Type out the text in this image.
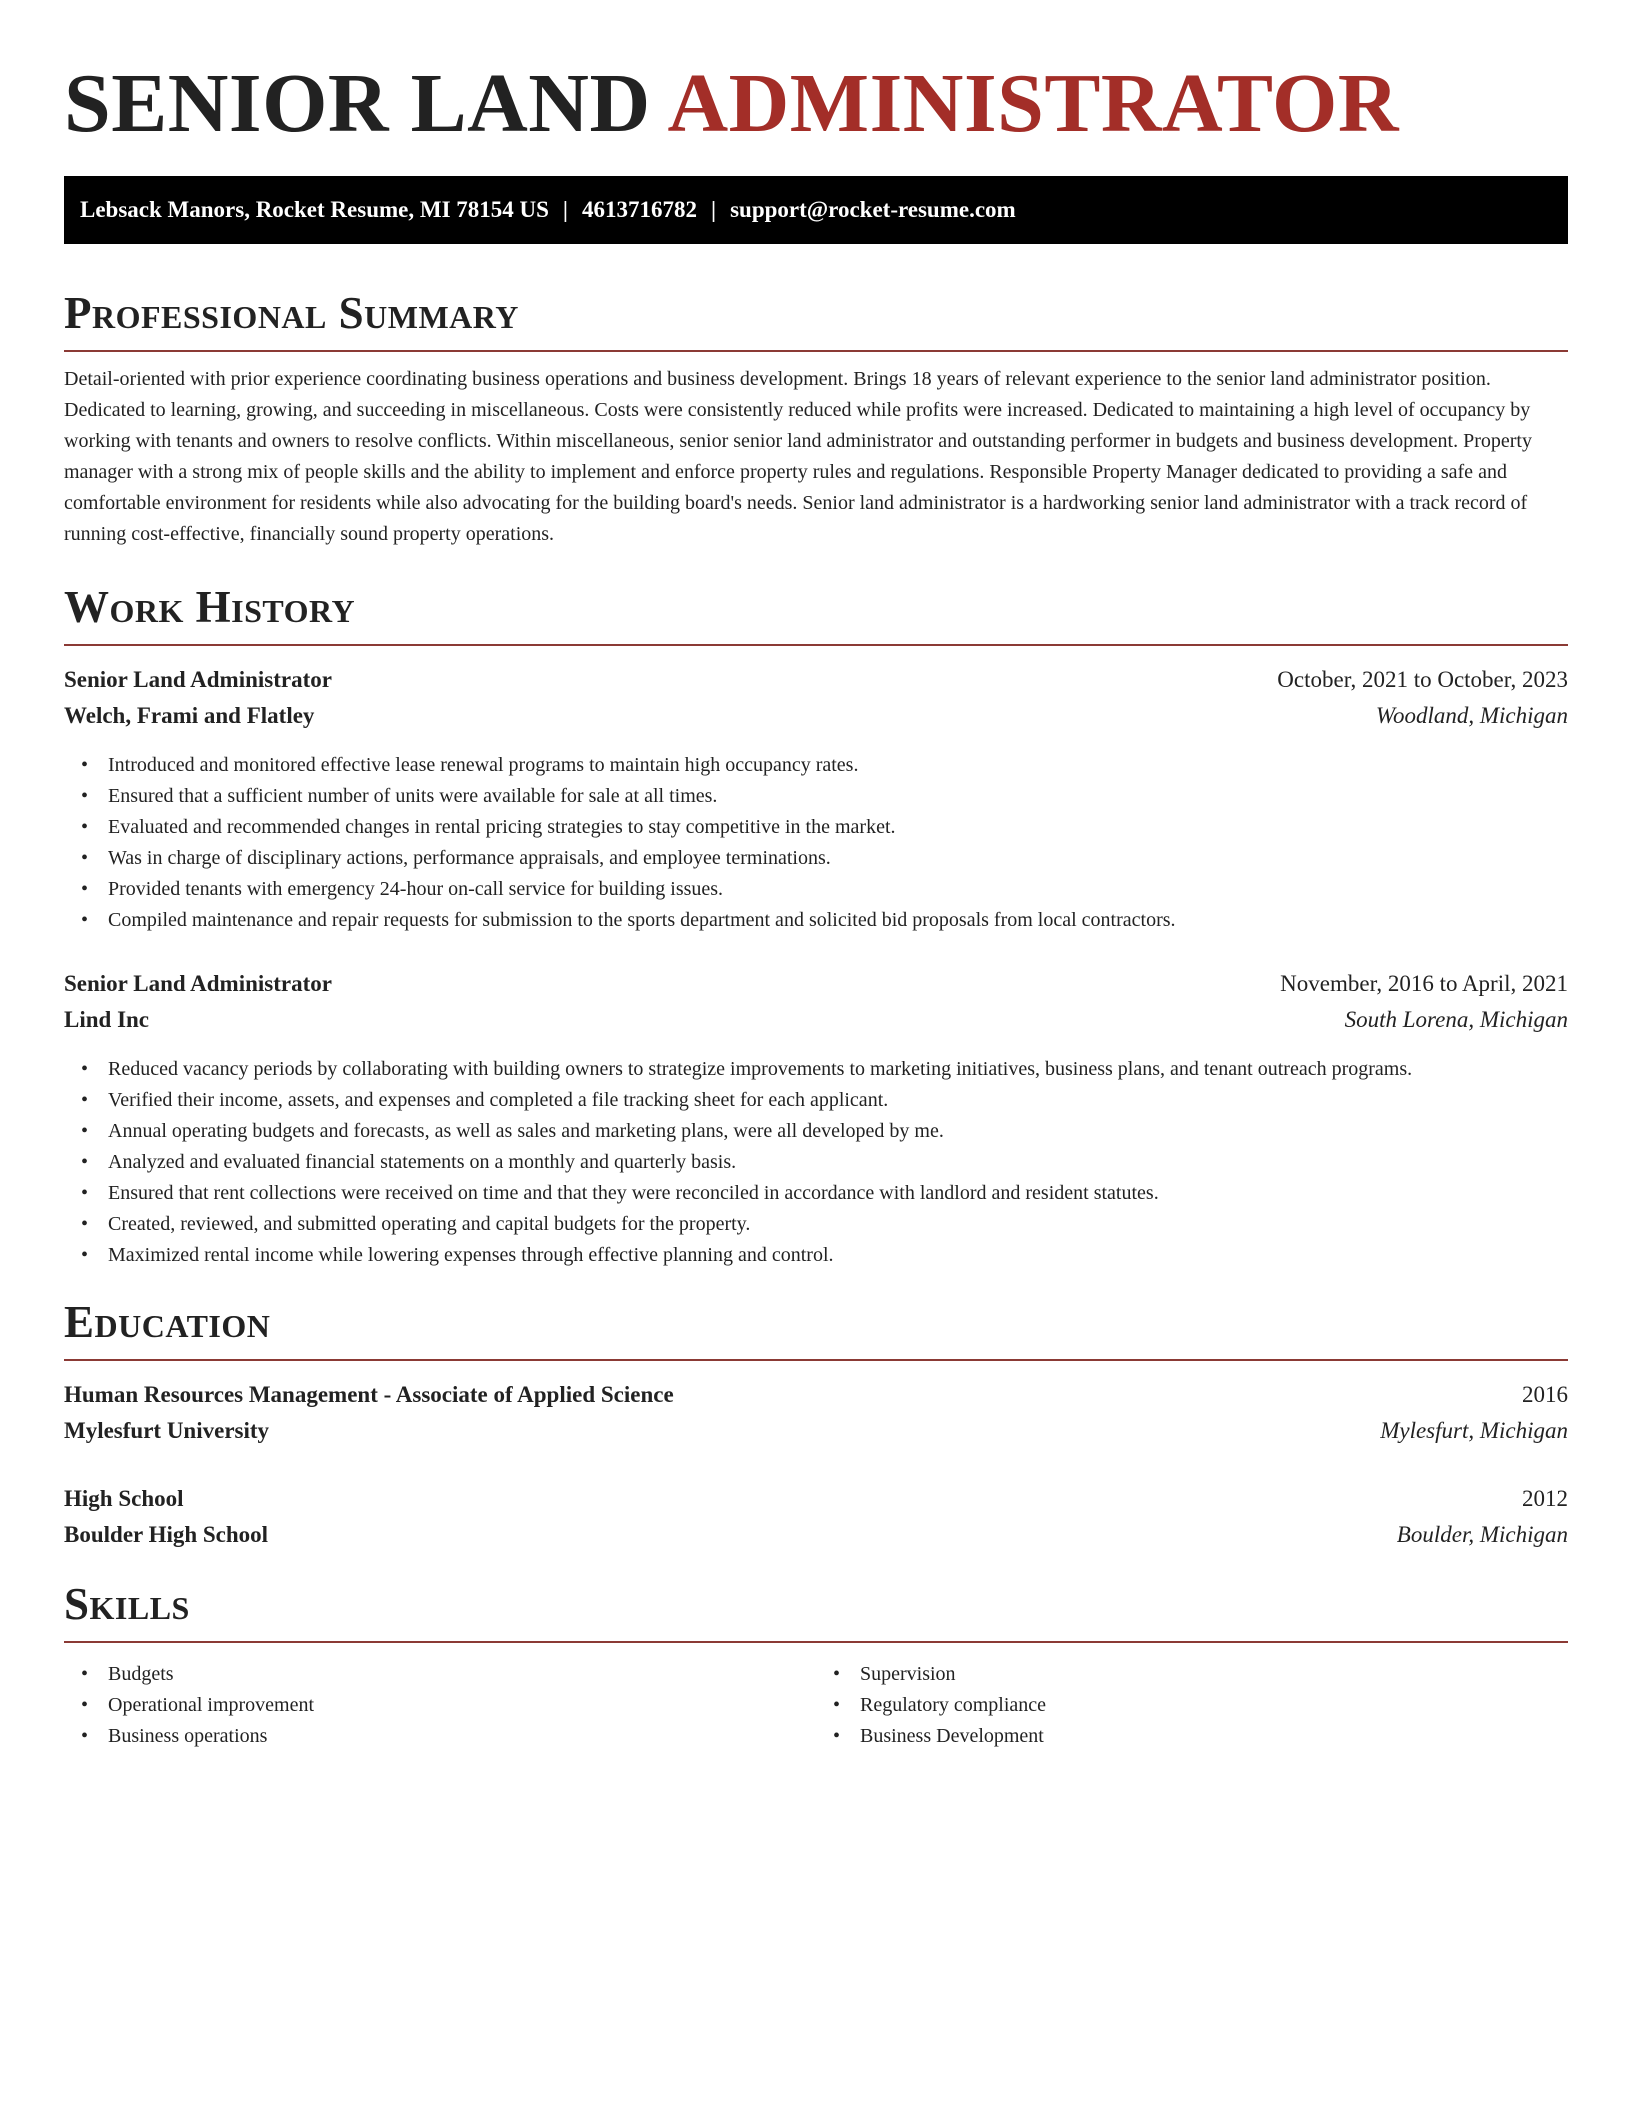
SENIOR LAND ADMINISTRATOR
Lebsack Manors, Rocket Resume, MI 78154 US | 4613716782 | support@rocket-resume.com
Professional Summary

Detail-oriented with prior experience coordinating business operations and business development. Brings 18 years of relevant experience to the senior land administrator position. Dedicated to learning, growing, and succeeding in miscellaneous. Costs were consistently reduced while profits were increased. Dedicated to maintaining a high level of occupancy by working with tenants and owners to resolve conflicts. Within miscellaneous, senior senior land administrator and outstanding performer in budgets and business development. Property manager with a strong mix of people skills and the ability to implement and enforce property rules and regulations. Responsible Property Manager dedicated to providing a safe and comfortable environment for residents while also advocating for the building board's needs. Senior land administrator is a hardworking senior land administrator with a track record of running cost-effective, financially sound property operations.

Work History
Senior Land Administrator	October, 2021 to October, 2023
Welch, Frami and Flatley	Woodland, Michigan
• Introduced and monitored effective lease renewal programs to maintain high occupancy rates.
• Ensured that a sufficient number of units were available for sale at all times.
• Evaluated and recommended changes in rental pricing strategies to stay competitive in the market.
• Was in charge of disciplinary actions, performance appraisals, and employee terminations.
• Provided tenants with emergency 24-hour on-call service for building issues.
• Compiled maintenance and repair requests for submission to the sports department and solicited bid proposals from local contractors.
Senior Land Administrator	November, 2016 to April, 2021
Lind Inc	South Lorena, Michigan
• Reduced vacancy periods by collaborating with building owners to strategize improvements to marketing initiatives, business plans, and tenant outreach programs.
• Verified their income, assets, and expenses and completed a file tracking sheet for each applicant.
• Annual operating budgets and forecasts, as well as sales and marketing plans, were all developed by me.
• Analyzed and evaluated financial statements on a monthly and quarterly basis.
• Ensured that rent collections were received on time and that they were reconciled in accordance with landlord and resident statutes.
• Created, reviewed, and submitted operating and capital budgets for the property.
• Maximized rental income while lowering expenses through effective planning and control.
Education
Human Resources Management - Associate of Applied Science	2016
Mylesfurt University	Mylesfurt, Michigan
High School	2012
Boulder High School	Boulder, Michigan
Skills
• Budgets
• Operational improvement
• Business operations
• Supervision
• Regulatory compliance
• Business Development
